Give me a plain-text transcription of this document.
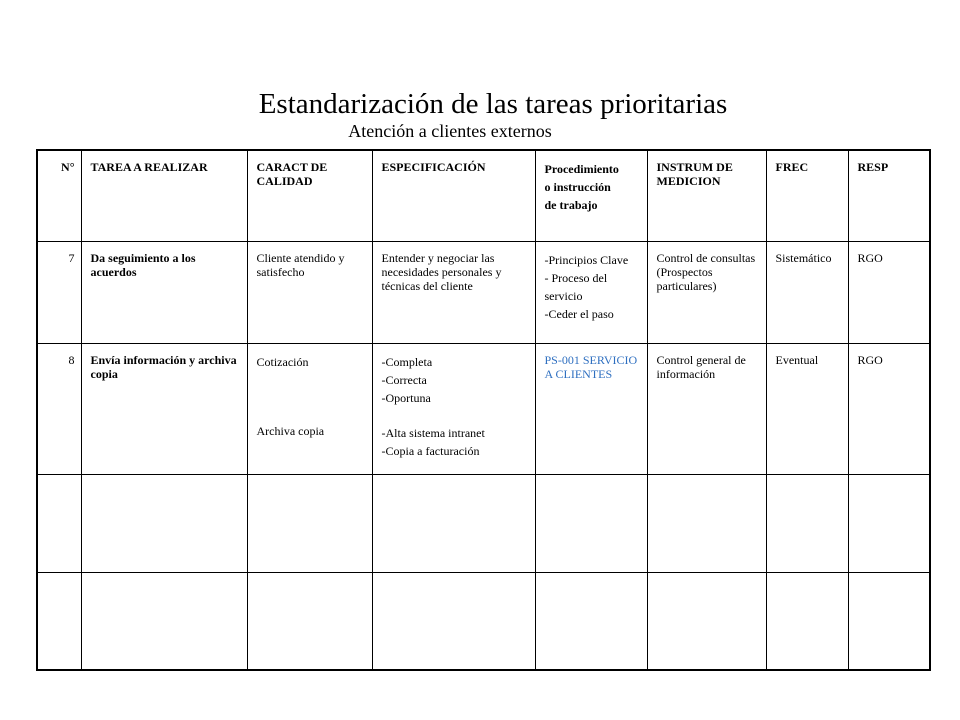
Estandarización de las tareas prioritarias
Atención a clientes externos
N°	TAREA A REALIZAR	CARACT DE CALIDAD	ESPECIFICACIÓN	Procedimiento
o instrucción
de trabajo	INSTRUM DE MEDICION	FREC	RESP
7	Da seguimiento a los acuerdos	Cliente atendido y satisfecho	Entender y negociar las necesidades personales y técnicas del cliente	-Principios Clave
- Proceso del servicio
-Ceder el paso	Control de consultas (Prospectos particulares)	Sistemático	RGO
8	Envía información y archiva copia	Cotización
Archiva copia	-Completa
-Correcta
-Oportuna
-Alta sistema intranet
-Copia a facturación	PS-001 SERVICIO A CLIENTES	Control general de información	Eventual	RGO
